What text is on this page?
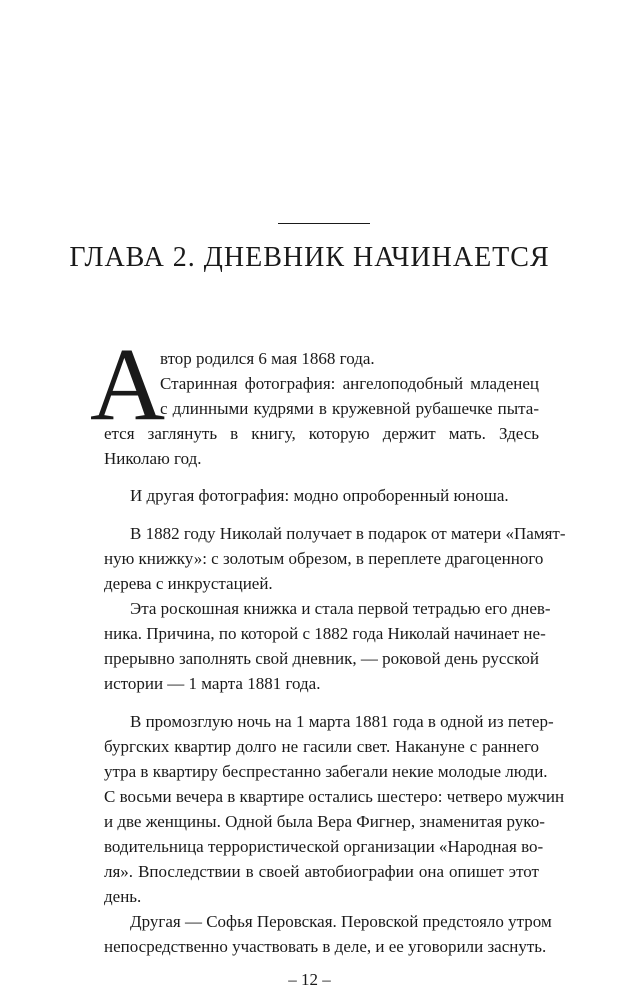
ГЛАВА 2. ДНЕВНИК НАЧИНАЕТСЯ
А
втор родился 6 мая 1868 года.
Старинная фотография: ангелоподобный младенец
с длинными кудрями в кружевной рубашечке пыта-
ется заглянуть в книгу, которую держит мать. Здесь
Николаю год.
И другая фотография: модно опроборенный юноша.
В 1882 году Николай получает в подарок от матери «Памят-
ную книжку»: с золотым обрезом, в переплете драгоценного
дерева с инкрустацией.
Эта роскошная книжка и стала первой тетрадью его днев-
ника. Причина, по которой с 1882 года Николай начинает не-
прерывно заполнять свой дневник, — роковой день русской
истории — 1 марта 1881 года.
В промозглую ночь на 1 марта 1881 года в одной из петер-
бургских квартир долго не гасили свет. Накануне с раннего
утра в квартиру беспрестанно забегали некие молодые люди.
С восьми вечера в квартире остались шестеро: четверо мужчин
и две женщины. Одной была Вера Фигнер, знаменитая руко-
водительница террористической организации «Народная во-
ля». Впоследствии в своей автобиографии она опишет этот
день.
Другая — Софья Перовская. Перовской предстояло утром
непосредственно участвовать в деле, и ее уговорили заснуть.
– 12 –
